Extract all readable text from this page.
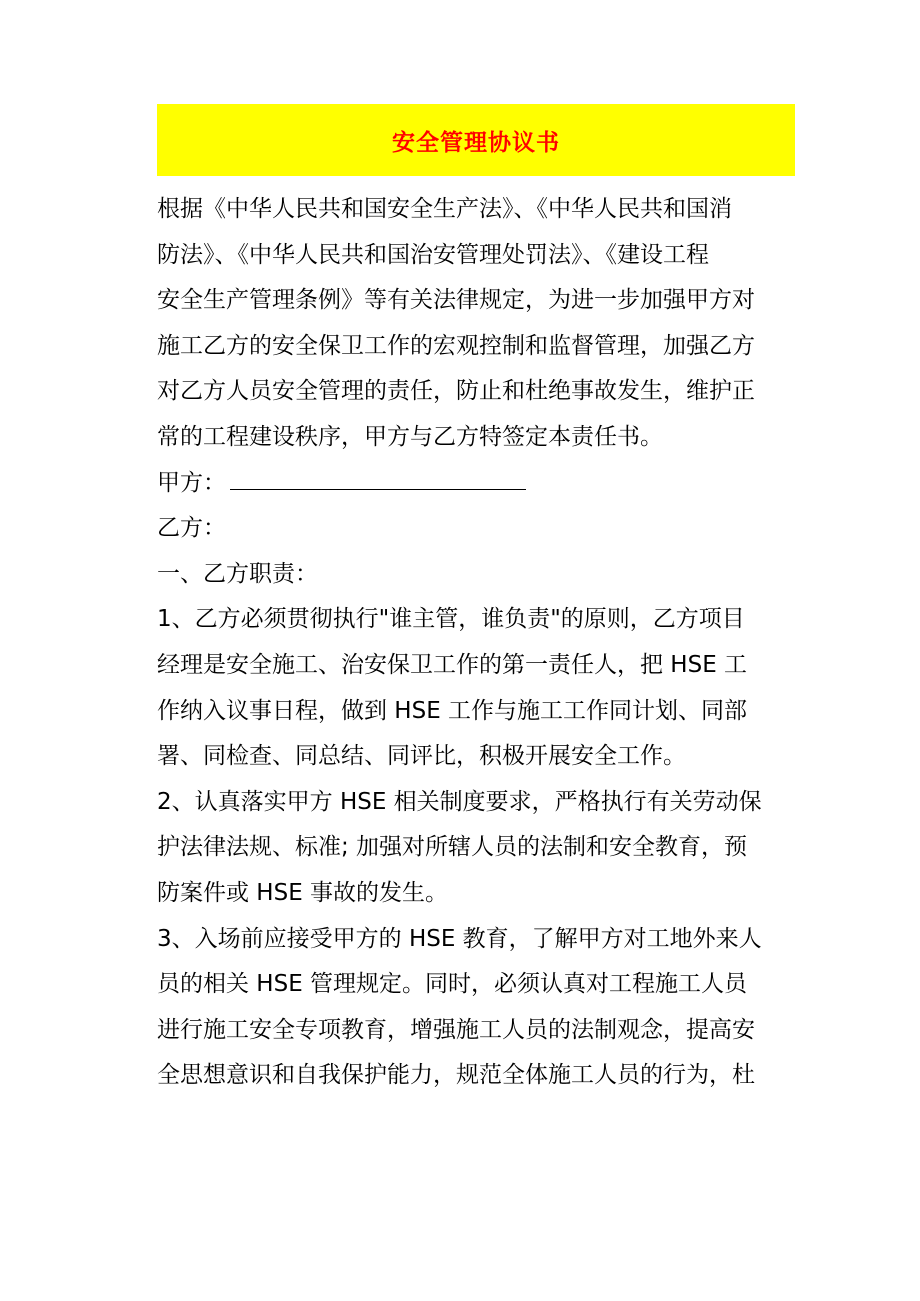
安全管理协议书
根据《中华人民共和国安全生产法》、《中华人民共和国消
防法》、《中华人民共和国治安管理处罚法》、《建设工程
安全生产管理条例》等有关法律规定，为进一步加强甲方对
施工乙方的安全保卫工作的宏观控制和监督管理，加强乙方
对乙方人员安全管理的责任，防止和杜绝事故发生，维护正
常的工程建设秩序，甲方与乙方特签定本责任书。
甲方：
乙方：
一、乙方职责：
1、乙方必须贯彻执行"谁主管，谁负责"的原则，乙方项目
经理是安全施工、治安保卫工作的第一责任人，把 HSE 工
作纳入议事日程，做到 HSE 工作与施工工作同计划、同部
署、同检查、同总结、同评比，积极开展安全工作。
2、认真落实甲方 HSE 相关制度要求，严格执行有关劳动保
护法律法规、标准; 加强对所辖人员的法制和安全教育，预
防案件或 HSE 事故的发生。
3、入场前应接受甲方的 HSE 教育，了解甲方对工地外来人
员的相关 HSE 管理规定。同时，必须认真对工程施工人员
进行施工安全专项教育，增强施工人员的法制观念，提高安
全思想意识和自我保护能力，规范全体施工人员的行为，杜
